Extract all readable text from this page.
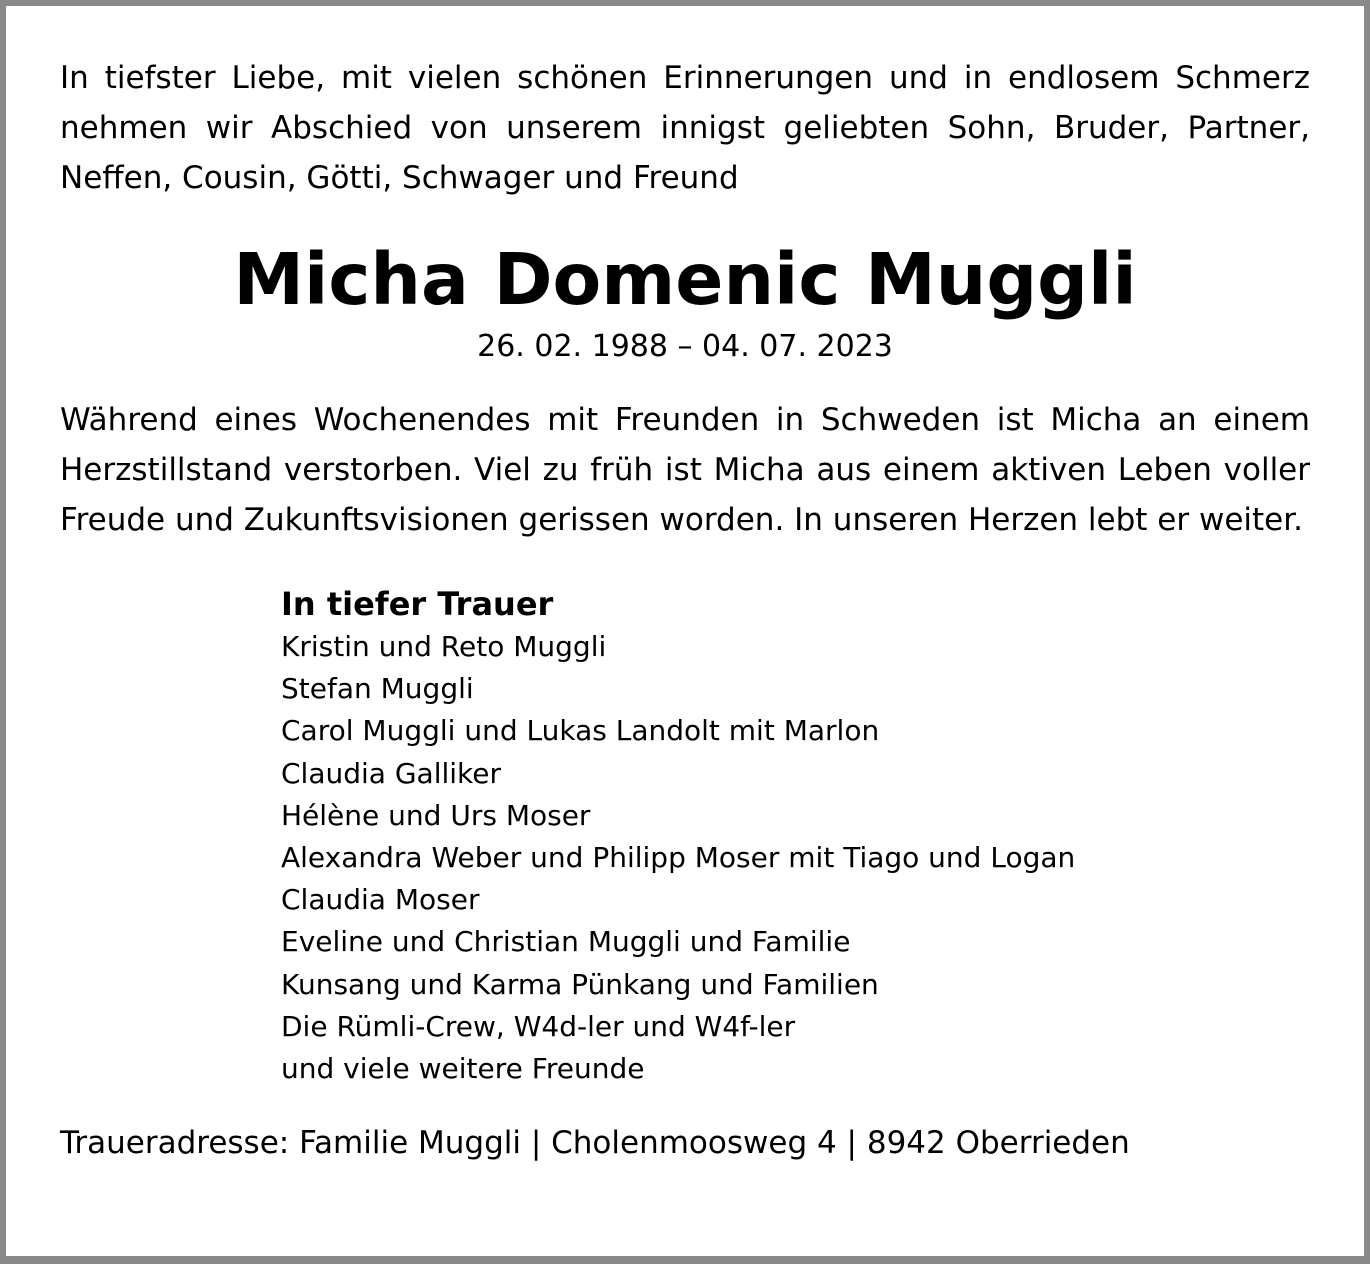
In tiefster Liebe, mit vielen schönen Erinnerungen und in endlosem Schmerz nehmen wir Abschied von unserem innigst geliebten Sohn, Bruder, Partner, Neffen, Cousin, Götti, Schwager und Freund

Micha Domenic Muggli

26. 02. 1988 – 04. 07. 2023

Während eines Wochenendes mit Freunden in Schweden ist Micha an einem Herzstillstand verstorben. Viel zu früh ist Micha aus einem aktiven Leben voller Freude und Zukunftsvisionen gerissen worden. In unseren Herzen lebt er weiter.

In tiefer Trauer

Kristin und Reto Muggli

Stefan Muggli

Carol Muggli und Lukas Landolt mit Marlon

Claudia Galliker

Hélène und Urs Moser

Alexandra Weber und Philipp Moser mit Tiago und Logan

Claudia Moser

Eveline und Christian Muggli und Familie

Kunsang und Karma Pünkang und Familien

Die Rümli-Crew, W4d-ler und W4f-ler

und viele weitere Freunde

Traueradresse: Familie Muggli | Cholenmoosweg 4 | 8942 Oberrieden
